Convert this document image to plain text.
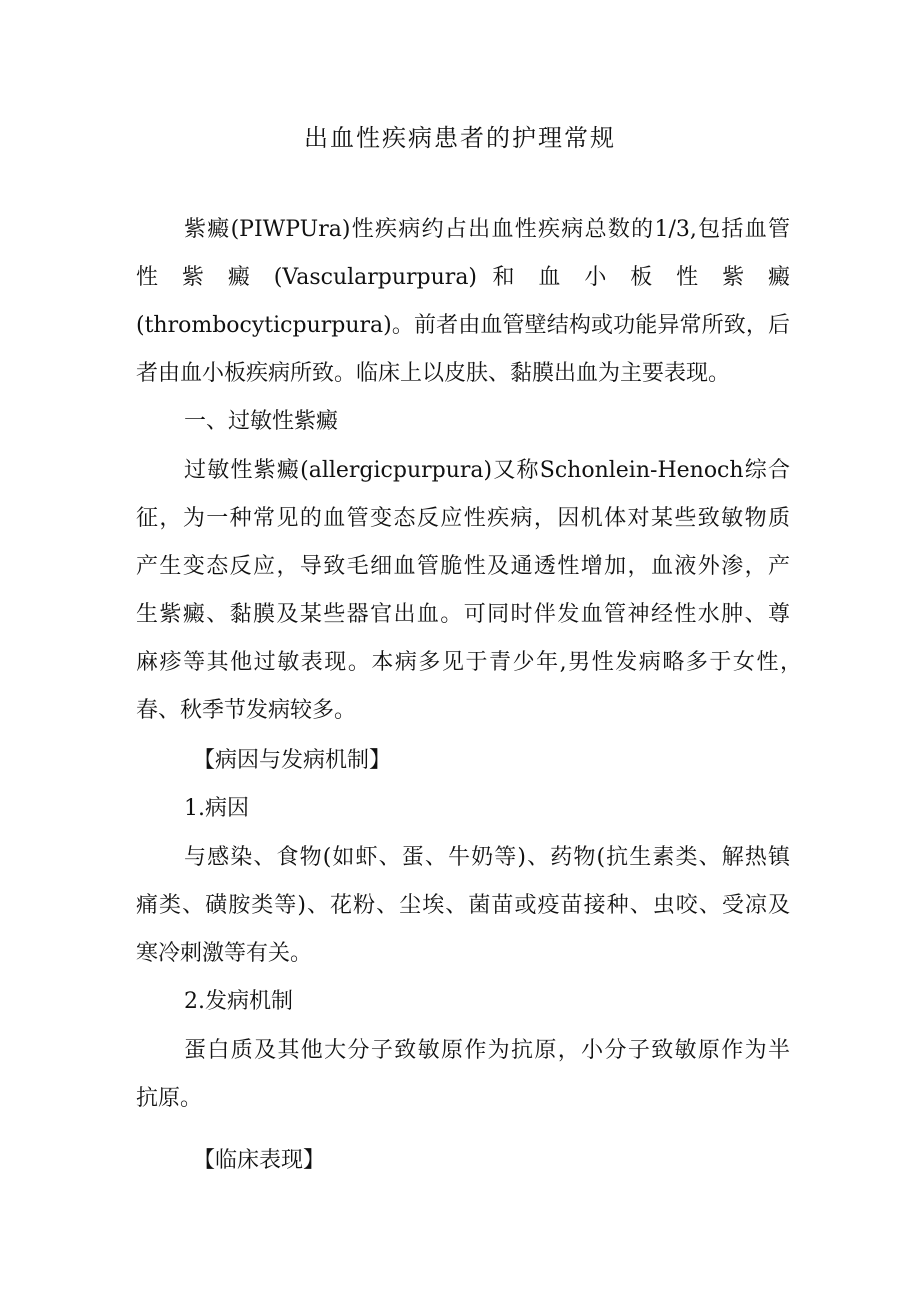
出血性疾病患者的护理常规
紫癜(PIWPUra)性疾病约占出血性疾病总数的1/3,包括血管
性 紫 癜 (Vascularpurpura) 和 血 小 板 性 紫 癜
(thrombocyticpurpura)。前者由血管壁结构或功能异常所致，后
者由血小板疾病所致。临床上以皮肤、黏膜出血为主要表现。
一、过敏性紫癜
过敏性紫癜(allergicpurpura)又称Schonlein-Henoch综合
征，为一种常见的血管变态反应性疾病，因机体对某些致敏物质
产生变态反应，导致毛细血管脆性及通透性增加，血液外渗，产
生紫癜、黏膜及某些器官出血。可同时伴发血管神经性水肿、尊
麻疹等其他过敏表现。本病多见于青少年,男性发病略多于女性，
春、秋季节发病较多。
【病因与发病机制】
1.病因
与感染、食物(如虾、蛋、牛奶等)、药物(抗生素类、解热镇
痛类、磺胺类等)、花粉、尘埃、菌苗或疫苗接种、虫咬、受凉及
寒冷刺激等有关。
2.发病机制
蛋白质及其他大分子致敏原作为抗原，小分子致敏原作为半
抗原。
【临床表现】
